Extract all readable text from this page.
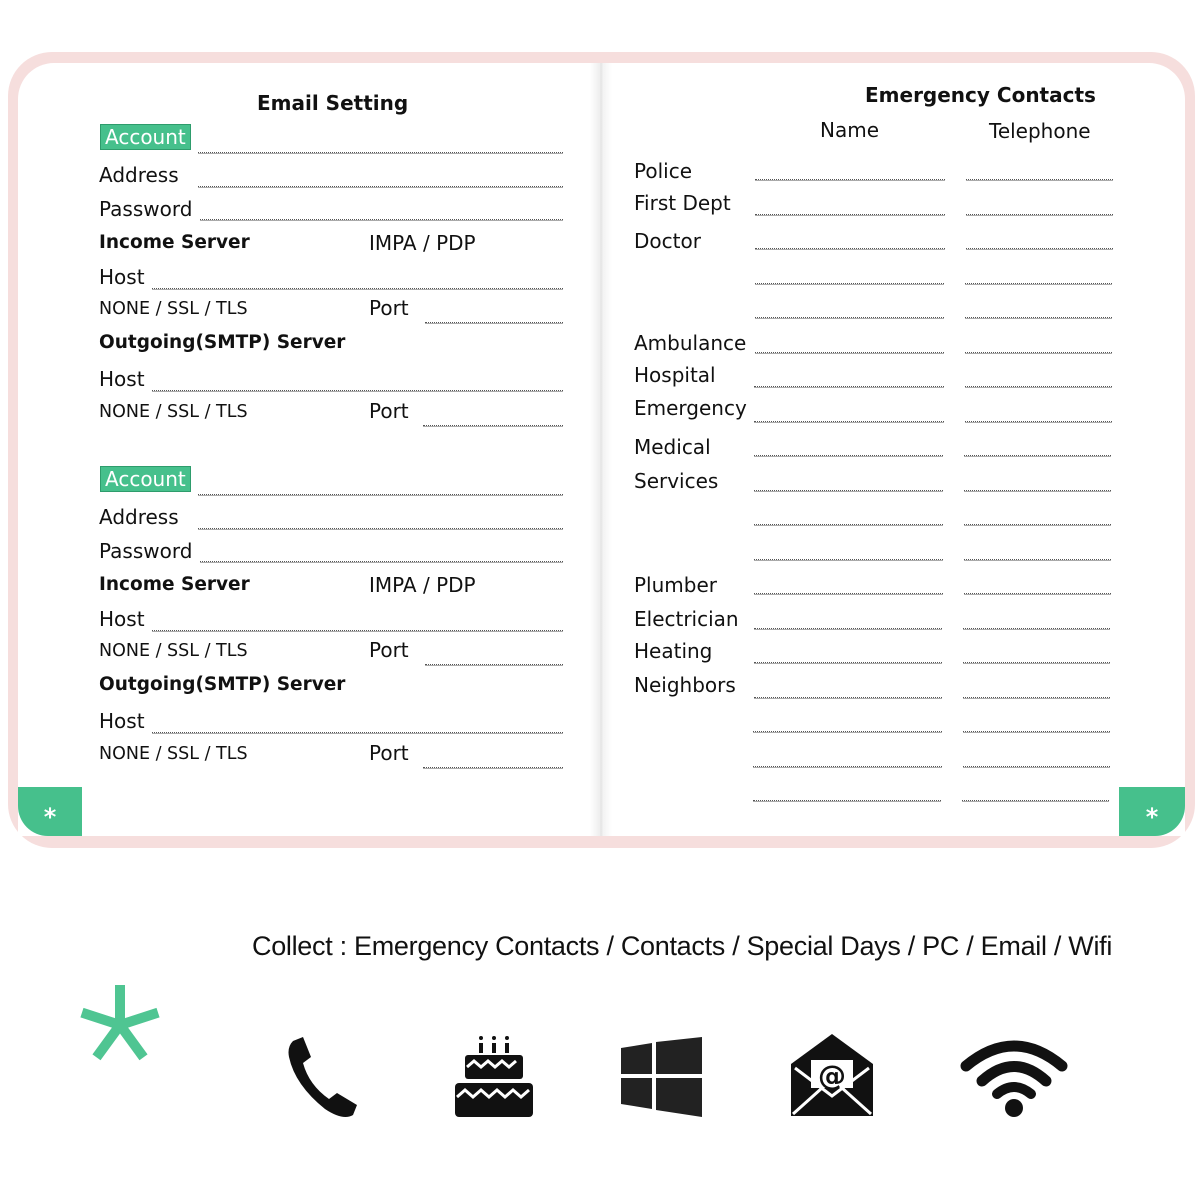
Email Setting
Account
Address
Password
Income Server	IMPA / PDP
Host
NONE / SSL / TLS	Port
Outgoing(SMTP) Server
Host
NONE / SSL / TLS	Port
Account
Address
Password
Income Server	IMPA / PDP
Host
NONE / SSL / TLS	Port
Outgoing(SMTP) Server
Host
NONE / SSL / TLS	Port
Emergency Contacts
Name	Telephone
Police
First Dept
Doctor
Ambulance
Hospital
Emergency
Medical
Services
Plumber
Electrician
Heating
Neighbors
*	*
Collect : Emergency Contacts / Contacts / Special Days / PC / Email / Wifi
@
